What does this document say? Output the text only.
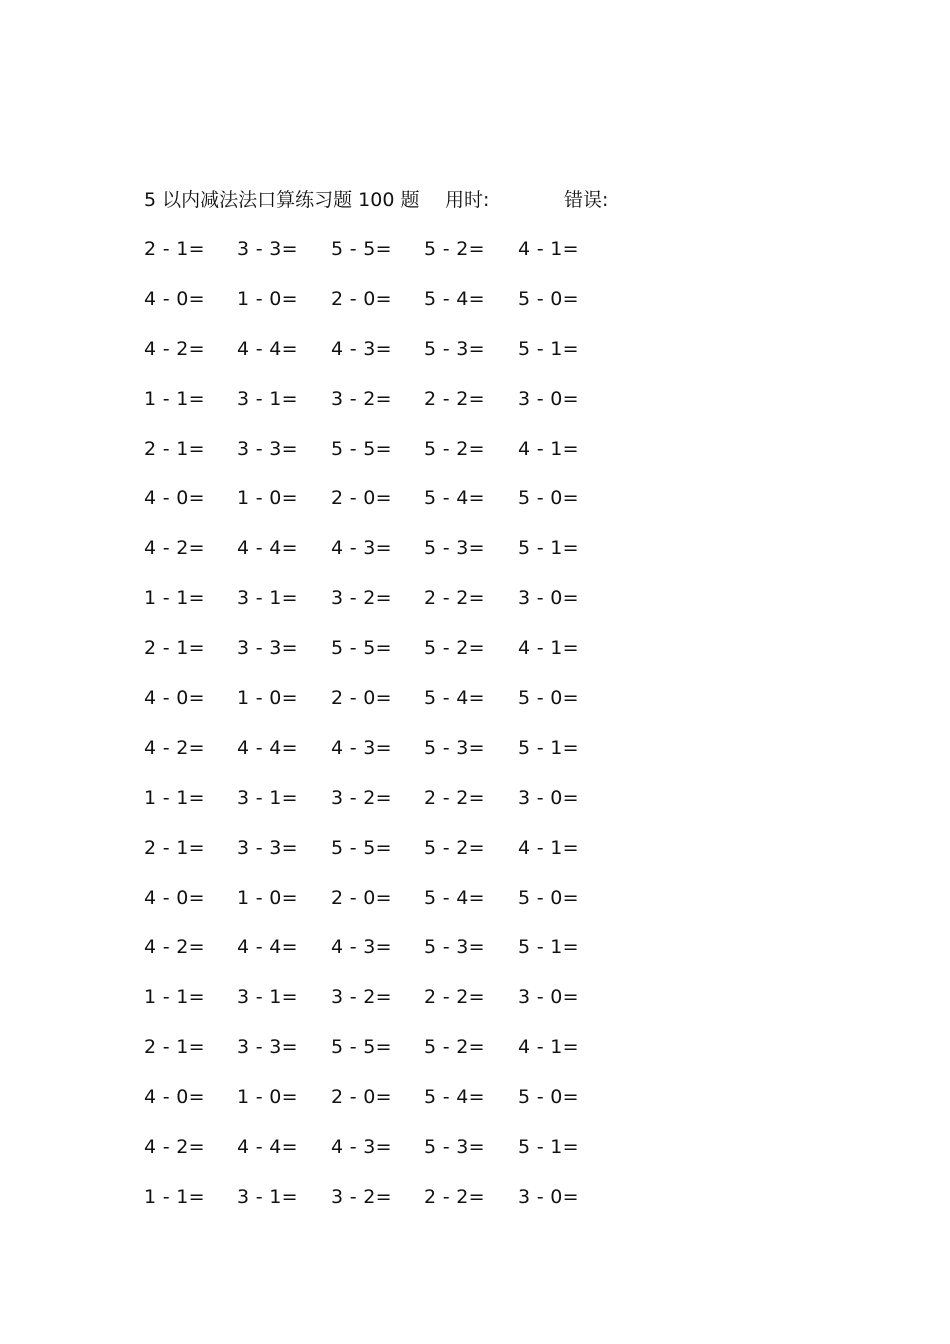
5 以内减法法口算练习题 100 题 用时:	错误:
2 - 1= 3 - 3= 5 - 5= 5 - 2= 4 - 1=
4 - 0= 1 - 0= 2 - 0= 5 - 4= 5 - 0=
4 - 2= 4 - 4= 4 - 3= 5 - 3= 5 - 1=
1 - 1= 3 - 1= 3 - 2= 2 - 2= 3 - 0=
2 - 1= 3 - 3= 5 - 5= 5 - 2= 4 - 1=
4 - 0= 1 - 0= 2 - 0= 5 - 4= 5 - 0=
4 - 2= 4 - 4= 4 - 3= 5 - 3= 5 - 1=
1 - 1= 3 - 1= 3 - 2= 2 - 2= 3 - 0=
2 - 1= 3 - 3= 5 - 5= 5 - 2= 4 - 1=
4 - 0= 1 - 0= 2 - 0= 5 - 4= 5 - 0=
4 - 2= 4 - 4= 4 - 3= 5 - 3= 5 - 1=
1 - 1= 3 - 1= 3 - 2= 2 - 2= 3 - 0=
2 - 1= 3 - 3= 5 - 5= 5 - 2= 4 - 1=
4 - 0= 1 - 0= 2 - 0= 5 - 4= 5 - 0=
4 - 2= 4 - 4= 4 - 3= 5 - 3= 5 - 1=
1 - 1= 3 - 1= 3 - 2= 2 - 2= 3 - 0=
2 - 1= 3 - 3= 5 - 5= 5 - 2= 4 - 1=
4 - 0= 1 - 0= 2 - 0= 5 - 4= 5 - 0=
4 - 2= 4 - 4= 4 - 3= 5 - 3= 5 - 1=
1 - 1= 3 - 1= 3 - 2= 2 - 2= 3 - 0=
